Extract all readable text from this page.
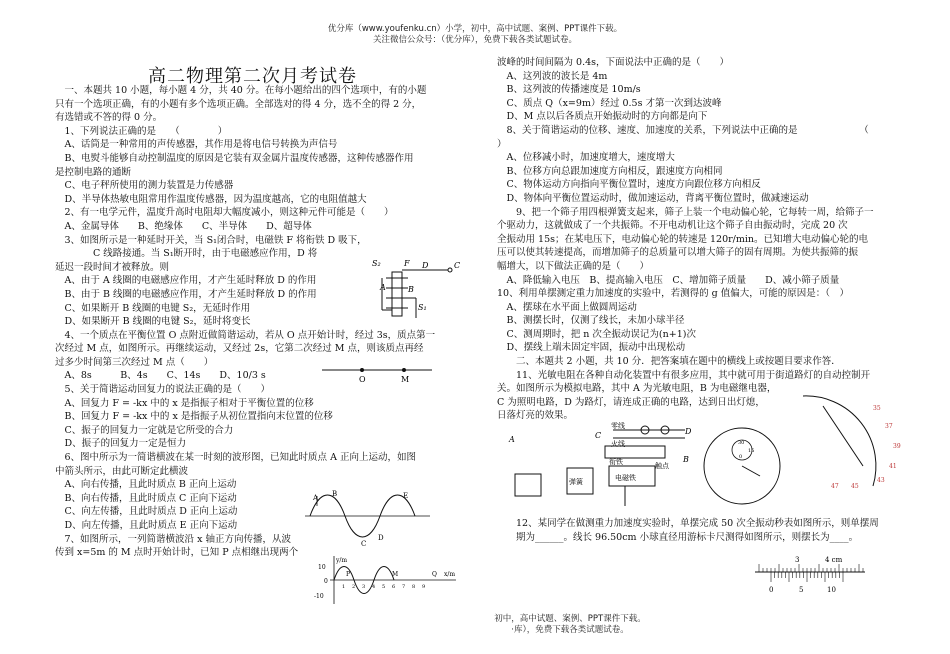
优分库（www.youfenku.cn）小学，初中，高中试题、案例、PPT课件下载。
关注微信公众号：（优分库），免费下载各类试题试卷。
高二物理第二次月考试卷

　一、本题共 10 小题，每小题 4 分，共 40 分。在每小题给出的四个选项中，有的小题

只有一个选项正确，有的小题有多个选项正确。全部选对的得 4 分，选不全的得 2 分，

有选错或不答的得 0 分。

　1、下列说法正确的是　　（　　　　）

　A、话筒是一种常用的声传感器，其作用是将电信号转换为声信号

　B、电熨斗能够自动控制温度的原因是它装有双金属片温度传感器，这种传感器作用

是控制电路的通断

　C、电子秤所使用的测力装置是力传感器

　D、半导体热敏电阻常用作温度传感器，因为温度越高，它的电阻值越大

　2、有一电学元件，温度升高时电阻却大幅度减小，则这种元件可能是（　　）

　A、金属导体　　B、绝缘体　　C、半导体　　D、超导体

　3、如图所示是一种延时开关，当 S₁闭合时，电磁铁 F 将衔铁 D 吸下，

　　　　C 线路接通。当 S₁断开时，由于电磁感应作用，D 将

延迟一段时间才被释放。则

　A、由于 A 线圈的电磁感应作用，才产生延时释放 D 的作用

　B、由于 B 线圈的电磁感应作用，才产生延时释放 D 的作用

　C、如果断开 B 线圈的电键 S₂，无延时作用

　D、如果断开 B 线圈的电键 S₂，延时将变长

　4、一个质点在平衡位置 O 点附近做简谐运动，若从 O 点开始计时，经过 3s，质点第一

次经过 M 点，如图所示。再继续运动，又经过 2s，它第二次经过 M 点，则该质点再经

过多少时间第三次经过 M 点（　　）

　A、8s　　　B、4s　　C、14s　　D、10/3 s

　5、关于简谐运动回复力的说法正确的是（　　）

　A、回复力 F = -kx 中的 x 是指振子相对于平衡位置的位移

　B、回复力 F = -kx 中的 x 是指振子从初位置指向末位置的位移

　C、振子的回复力一定就是它所受的合力

　D、振子的回复力一定是恒力

　6、图中所示为一简谐横波在某一时刻的波形图，已知此时质点 A 正向上运动，如图

中箭头所示，由此可断定此横波

　A、向右传播，且此时质点 B 正向上运动

　B、向右传播，且此时质点 C 正向下运动

　C、向左传播，且此时质点 D 正向上运动

　D、向左传播，且此时质点 E 正向下运动

　7、如图所示，一列简谐横波沿 x 轴正方向传播，从波

传到 x=5m 的 M 点时开始计时，已知 P 点相继出现两个

波峰的时间间隔为 0.4s，下面说法中正确的是（　　）

　A、这列波的波长是 4m

　B、这列波的传播速度是 10m/s

　C、质点 Q（x=9m）经过 0.5s 才第一次到达波峰

　D、M 点以后各质点开始振动时的方向都是向下

　8、关于简谐运动的位移、速度、加速度的关系，下列说法中正确的是　　　　　　　（

）

　A、位移减小时，加速度增大，速度增大

　B、位移方向总跟加速度方向相反，跟速度方向相同

　C、物体运动方向指向平衡位置时，速度方向跟位移方向相反

　D、物体向平衡位置运动时，做加速运动，背离平衡位置时，做减速运动

　　9、把一个筛子用四根弹簧支起来，筛子上装一个电动偏心轮，它每转一周，给筛子一

个驱动力，这就做成了一个共振筛。不开电动机让这个筛子自由振动时，完成 20 次

全振动用 15s；在某电压下，电动偏心轮的转速是 120r/min。已知增大电动偏心轮的电

压可以使其转速提高，而增加筛子的总质量可以增大筛子的固有周期。为使共振筛的振

幅增大，以下做法正确的是（　　）

　A、降低输入电压　B、提高输入电压　C、增加筛子质量　　D、减小筛子质量

10、利用单摆测定重力加速度的实验中，若测得的 g 值偏大，可能的原因是：（　）

　A、摆球在水平面上做圆周运动

　B、测摆长时，仅测了线长，未加小球半径

　C、测周期时，把 n 次全振动误记为(n+1)次

　D、摆线上端未固定牢固，振动中出现松动

　　二、本题共 2 小题，共 10 分．把答案填在题中的横线上或按题目要求作答．

　　11、光敏电阻在各种自动化装置中有很多应用，其中就可用于街道路灯的自动控制开

关。如图所示为模拟电路，其中 A 为光敏电阻，B 为电磁继电器，

C 为照明电路，D 为路灯，请连成正确的电路，达到日出灯熄，

日落灯亮的效果。

　　12、某同学在做测重力加速度实验时，单摆完成 50 次全振动秒表如图所示，则单摆周

　　期为______。线长 96.50cm 小球直径用游标卡尺测得如图所示，则摆长为____。

S₂	F D	C
A	B
S₁
O	M
A B
C
D
E
y/m
x/m
10
0
-10
P	M	Q
1 2 3 4 5 6 7 8 9
C
零线
火线
D
B
衔铁	触点
弹簧	电磁铁
A	30
0
15
35
37
39
41
43
45
47
3	4 cm
0	5	10
初中，高中试题、案例、PPT课件下载。
·库），免费下载各类试题试卷。
